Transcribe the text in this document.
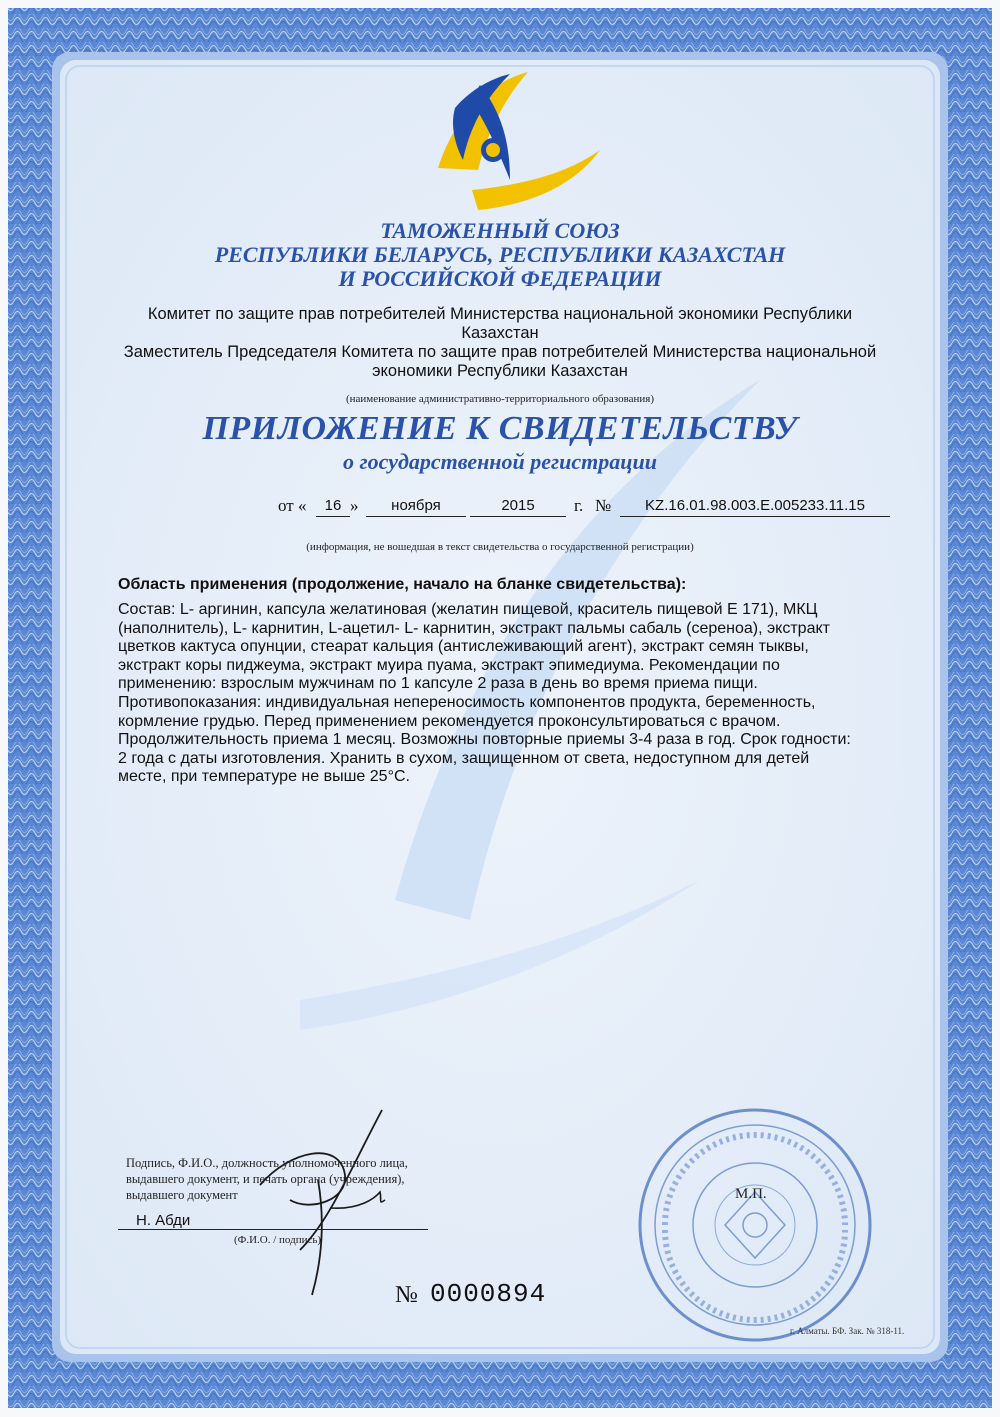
ТАМОЖЕННЫЙ СОЮЗ
РЕСПУБЛИКИ БЕЛАРУСЬ, РЕСПУБЛИКИ КАЗАХСТАН
И РОССИЙСКОЙ ФЕДЕРАЦИИ
Комитет по защите прав потребителей Министерства национальной экономики Республики
Казахстан
Заместитель Председателя Комитета по защите прав потребителей Министерства национальной
экономики Республики Казахстан
(наименование административно-территориального образования)
ПРИЛОЖЕНИЕ К СВИДЕТЕЛЬСТВУ
о государственной регистрации
от «	16 »	ноября	2015	г. №	KZ.16.01.98.003.E.005233.11.15
(информация, не вошедшая в текст свидетельства о государственной регистрации)
Область применения (продолжение, начало на бланке свидетельства):
Состав: L- аргинин, капсула желатиновая (желатин пищевой, краситель пищевой Е 171), МКЦ
(наполнитель), L- карнитин, L-ацетил- L- карнитин, экстракт пальмы сабаль (сереноа), экстракт
цветков кактуса опунции, стеарат кальция (антислеживающий агент), экстракт семян тыквы,
экстракт коры пиджеума, экстракт муира пуама, экстракт эпимедиума. Рекомендации по
применению: взрослым мужчинам по 1 капсуле 2 раза в день во время приема пищи.
Противопоказания: индивидуальная непереносимость компонентов продукта, беременность,
кормление грудью. Перед применением рекомендуется проконсультироваться с врачом.
Продолжительность приема 1 месяц. Возможны повторные приемы 3-4 раза в год. Срок годности:
2 года с даты изготовления. Хранить в сухом, защищенном от света, недоступном для детей
месте, при температуре не выше 25°С.
Подпись, Ф.И.О., должность уполномоченного лица,
выдавшего документ, и печать органа (учреждения),
выдавшего документ
Н. Абди
(Ф.И.О. / подпись)
М.П.
№ 0000894
г. Алматы. БФ. Зак. № 318-11.
